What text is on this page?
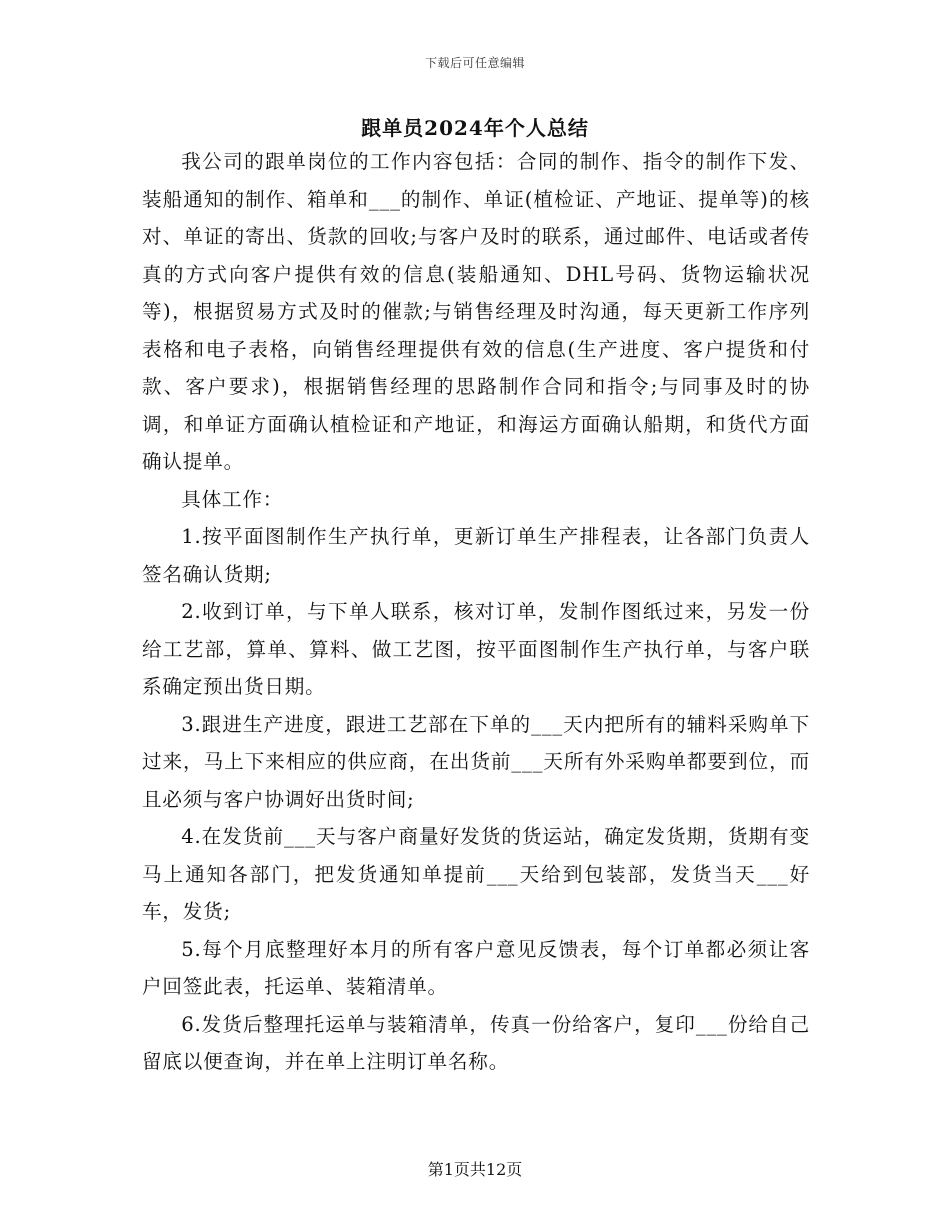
下载后可任意编辑
跟单员2024年个人总结

我公司的跟单岗位的工作内容包括：合同的制作、指令的制作下发、装船通知的制作、箱单和___的制作、单证(植检证、产地证、提单等)的核对、单证的寄出、货款的回收;与客户及时的联系，通过邮件、电话或者传真的方式向客户提供有效的信息(装船通知、DHL号码、货物运输状况等)，根据贸易方式及时的催款;与销售经理及时沟通，每天更新工作序列表格和电子表格，向销售经理提供有效的信息(生产进度、客户提货和付款、客户要求)，根据销售经理的思路制作合同和指令;与同事及时的协调，和单证方面确认植检证和产地证，和海运方面确认船期，和货代方面确认提单。

具体工作：

1.按平面图制作生产执行单，更新订单生产排程表，让各部门负责人签名确认货期;

2.收到订单，与下单人联系，核对订单，发制作图纸过来，另发一份给工艺部，算单、算料、做工艺图，按平面图制作生产执行单，与客户联系确定预出货日期。

3.跟进生产进度，跟进工艺部在下单的___天内把所有的辅料采购单下过来，马上下来相应的供应商，在出货前___天所有外采购单都要到位，而且必须与客户协调好出货时间;

4.在发货前___天与客户商量好发货的货运站，确定发货期，货期有变马上通知各部门，把发货通知单提前___天给到包装部，发货当天___好车，发货;

5.每个月底整理好本月的所有客户意见反馈表，每个订单都必须让客户回签此表，托运单、装箱清单。

6.发货后整理托运单与装箱清单，传真一份给客户，复印___份给自己留底以便查询，并在单上注明订单名称。

第1页共12页
